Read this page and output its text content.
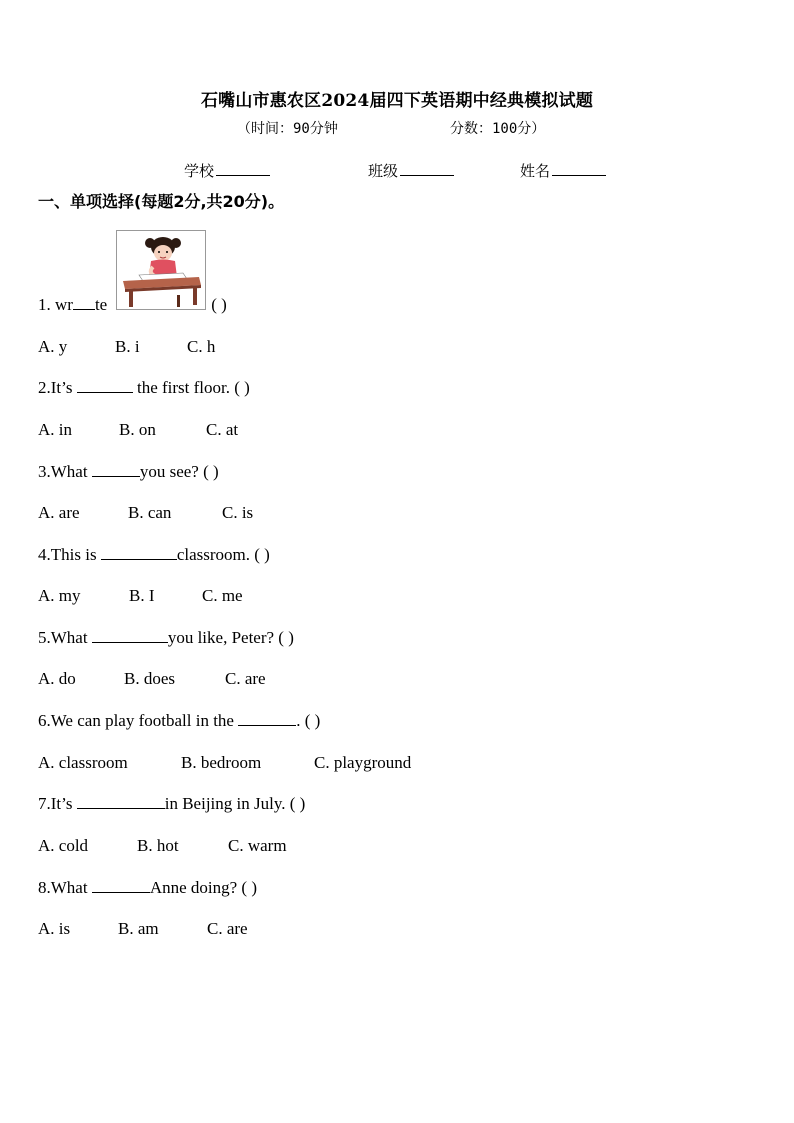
石嘴山市惠农区2024届四下英语期中经典模拟试题
（时间：90分钟	分数：100分）
学校	班级	姓名
一、单项选择(每题2分,共20分)。
1. wr te	( )
A. y	B. i	C. h
2.It’s	the first floor. ( )
A. in	B. on	C. at
3.What	you see? ( )
A. are	B. can	C. is
4.This is	classroom. ( )
A. my	B. I	C. me
5.What	you like, Peter? ( )
A. do	B. does	C. are
6.We can play football in the	. ( )
A. classroom	B. bedroom	C. playground
7.It’s	in Beijing in July. ( )
A. cold	B. hot	C. warm
8.What	Anne doing? ( )
A. is	B. am	C. are
